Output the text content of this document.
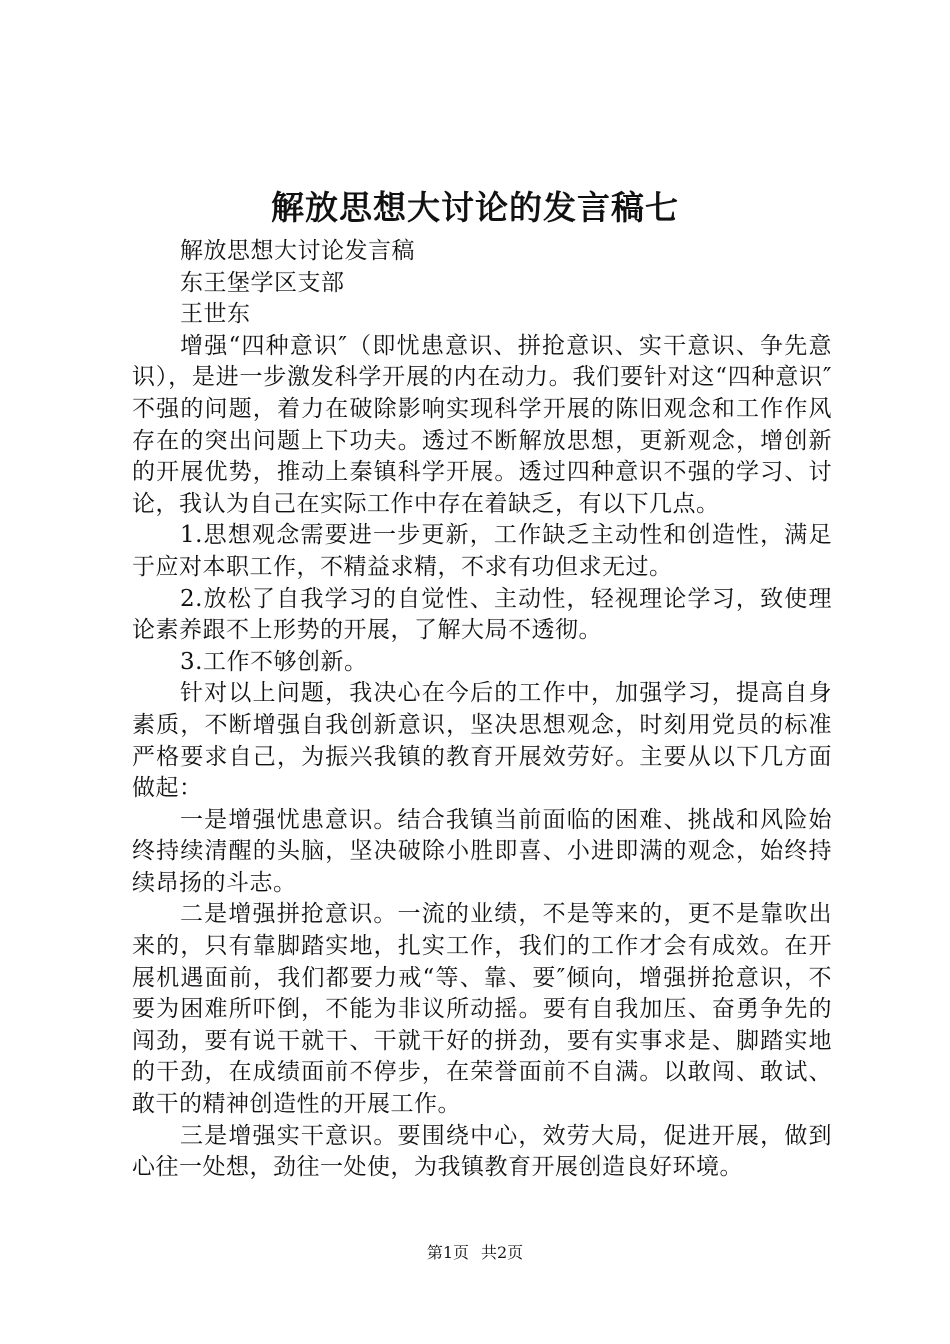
解放思想大讨论的发言稿七

解放思想大讨论发言稿

东王堡学区支部

王世东

增强“四种意识″（即忧患意识、拼抢意识、实干意识、争先意识），是进一步激发科学开展的内在动力。我们要针对这“四种意识″不强的问题，着力在破除影响实现科学开展的陈旧观念和工作作风存在的突出问题上下功夫。透过不断解放思想，更新观念，增创新的开展优势，推动上秦镇科学开展。透过四种意识不强的学习、讨论，我认为自己在实际工作中存在着缺乏，有以下几点。

1.思想观念需要进一步更新，工作缺乏主动性和创造性，满足于应对本职工作，不精益求精，不求有功但求无过。

2.放松了自我学习的自觉性、主动性，轻视理论学习，致使理论素养跟不上形势的开展，了解大局不透彻。

3.工作不够创新。

针对以上问题，我决心在今后的工作中，加强学习，提高自身素质，不断增强自我创新意识，坚决思想观念，时刻用党员的标准严格要求自己，为振兴我镇的教育开展效劳好。主要从以下几方面做起：

一是增强忧患意识。结合我镇当前面临的困难、挑战和风险始终持续清醒的头脑，坚决破除小胜即喜、小进即满的观念，始终持续昂扬的斗志。

二是增强拼抢意识。一流的业绩，不是等来的，更不是靠吹出来的，只有靠脚踏实地，扎实工作，我们的工作才会有成效。在开展机遇面前，我们都要力戒“等、靠、要″倾向，增强拼抢意识，不要为困难所吓倒，不能为非议所动摇。要有自我加压、奋勇争先的闯劲，要有说干就干、干就干好的拼劲，要有实事求是、脚踏实地的干劲，在成绩面前不停步，在荣誉面前不自满。以敢闯、敢试、敢干的精神创造性的开展工作。

三是增强实干意识。要围绕中心，效劳大局，促进开展，做到心往一处想，劲往一处使，为我镇教育开展创造良好环境。

第1页 共2页
